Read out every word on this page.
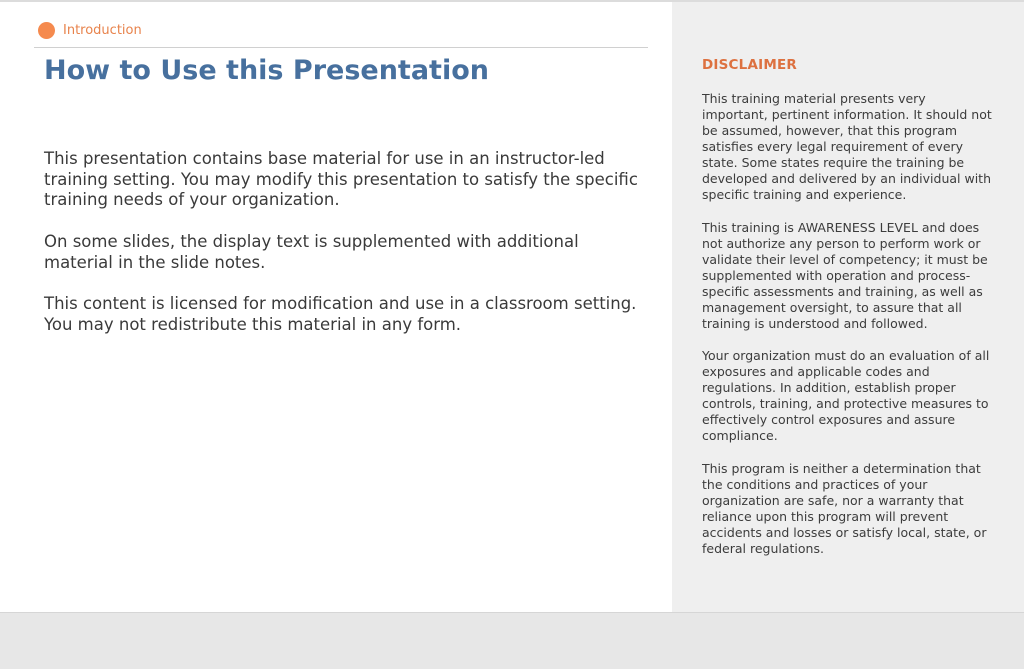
Introduction
How to Use this Presentation

This presentation contains base material for use in an instructor-led training setting. You may modify this presentation to satisfy the specific training needs of your organization.

On some slides, the display text is supplemented with additional material in the slide notes.

This content is licensed for modification and use in a classroom setting. You may not redistribute this material in any form.

DISCLAIMER

This training material presents very important, pertinent information. It should not be assumed, however, that this program satisfies every legal requirement of every state. Some states require the training be developed and delivered by an individual with specific training and experience.

This training is AWARENESS LEVEL and does not authorize any person to perform work or validate their level of competency; it must be supplemented with operation and process-specific assessments and training, as well as management oversight, to assure that all training is understood and followed.

Your organization must do an evaluation of all exposures and applicable codes and regulations. In addition, establish proper controls, training, and protective measures to effectively control exposures and assure compliance.

This program is neither a determination that the conditions and practices of your organization are safe, nor a warranty that reliance upon this program will prevent accidents and losses or satisfy local, state, or federal regulations.
